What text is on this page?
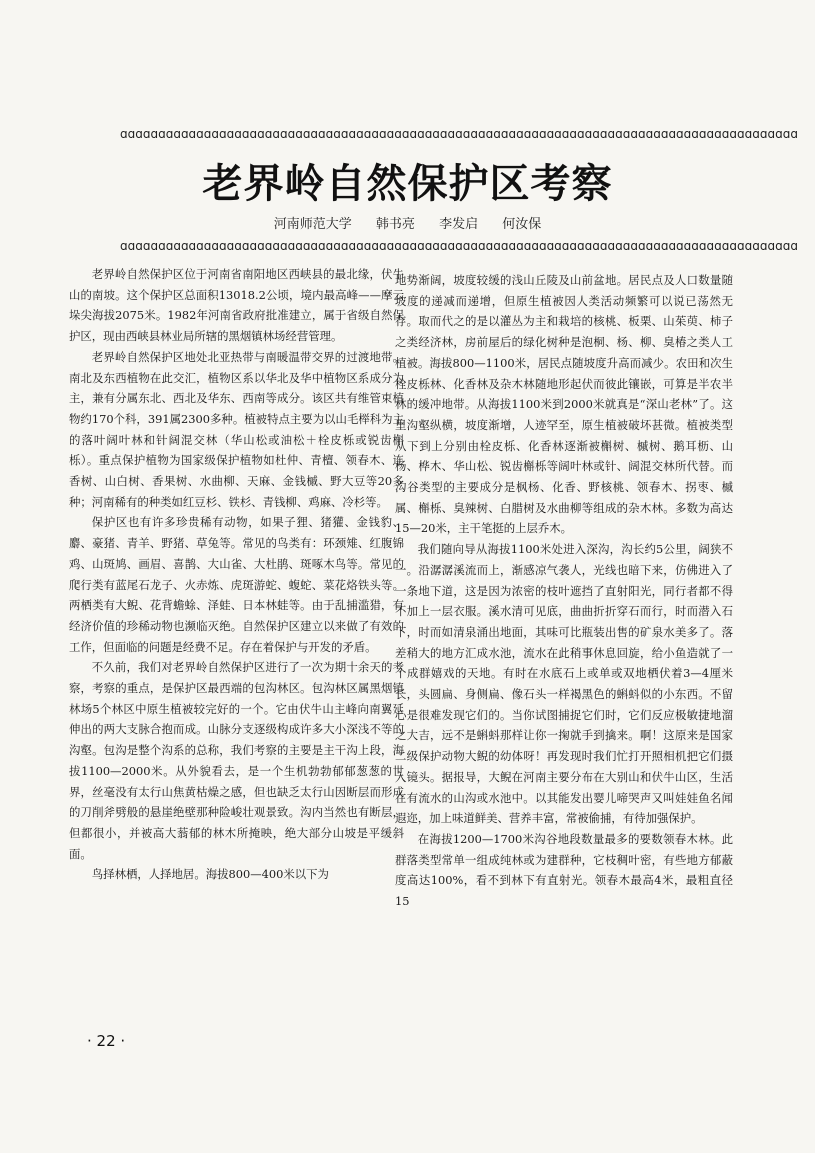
ɑɑɑɑɑɑɑɑɑɑɑɑɑɑɑɑɑɑɑɑɑɑɑɑɑɑɑɑɑɑɑɑɑɑɑɑɑɑɑɑɑɑɑɑɑɑɑɑɑɑɑɑɑɑɑɑɑɑɑɑɑɑɑɑɑɑɑɑɑɑɑɑɑɑɑɑɑɑɑɑɑɑɑɑɑɑɑɑɑ
老界岭自然保护区考察
河南师范大学 韩书亮 李发启 何汝保
ɑɑɑɑɑɑɑɑɑɑɑɑɑɑɑɑɑɑɑɑɑɑɑɑɑɑɑɑɑɑɑɑɑɑɑɑɑɑɑɑɑɑɑɑɑɑɑɑɑɑɑɑɑɑɑɑɑɑɑɑɑɑɑɑɑɑɑɑɑɑɑɑɑɑɑɑɑɑɑɑɑɑɑɑɑɑɑɑɑ

老界岭自然保护区位于河南省南阳地区西峡县的最北缘，伏牛山的南坡。这个保护区总面积13018.2公顷，境内最高峰——摩云垛尖海拔2075米。1982年河南省政府批准建立，属于省级自然保护区，现由西峡县林业局所辖的黑烟镇林场经营管理。

老界岭自然保护区地处北亚热带与南暖温带交界的过渡地带。南北及东西植物在此交汇，植物区系以华北及华中植物区系成分为主，兼有分属东北、西北及华东、西南等成分。该区共有维管束植物约170个科，391属2300多种。植被特点主要为以山毛榉科为主的落叶阔叶林和针阔混交林（华山松或油松＋栓皮栎或锐齿槲栎）。重点保护植物为国家级保护植物如杜仲、青檀、领春木、连香树、山白树、香果树、水曲柳、天麻、金钱槭、野大豆等20多种；河南稀有的种类如红豆杉、铁杉、青钱柳、鸡麻、冷杉等。

保护区也有许多珍贵稀有动物，如果子狸、猪獾、金钱豹、麝、豪猪、青羊、野猪、草兔等。常见的鸟类有：环颈雉、红腹锦鸡、山斑鸠、画眉、喜鹊、大山雀、大杜鹃、斑啄木鸟等。常见的爬行类有蓝尾石龙子、火赤炼、虎斑游蛇、蝮蛇、菜花烙铁头等。两栖类有大鲵、花背蟾蜍、泽蛙、日本林蛙等。由于乱捕滥猎，有经济价值的珍稀动物也濒临灭绝。自然保护区建立以来做了有效的工作，但面临的问题是经费不足。存在着保护与开发的矛盾。

不久前，我们对老界岭自然保护区进行了一次为期十余天的考察，考察的重点，是保护区最西端的包沟林区。包沟林区属黑烟镇林场5个林区中原生植被较完好的一个。它由伏牛山主峰向南翼延伸出的两大支脉合抱而成。山脉分支逐级构成许多大小深浅不等的沟壑。包沟是整个沟系的总称，我们考察的主要是主干沟上段，海拔1100—2000米。从外貌看去，是一个生机勃勃郁郁葱葱的世界，丝毫没有太行山焦黄枯燥之感，但也缺乏太行山因断层而形成的刀削斧劈般的悬崖绝壁那种险峻壮观景致。沟内当然也有断层，但都很小，并被高大蓊郁的林木所掩映，绝大部分山坡是平缓斜面。

鸟择林栖，人择地居。海拔800—400米以下为

地势渐阔，坡度较缓的浅山丘陵及山前盆地。居民点及人口数量随坡度的递减而递增，但原生植被因人类活动频繁可以说已荡然无存。取而代之的是以灌丛为主和栽培的核桃、板栗、山茱萸、柿子之类经济林，房前屋后的绿化树种是泡桐、杨、柳、臭椿之类人工植被。海拔800—1100米，居民点随坡度升高而减少。农田和次生栓皮栎林、化香林及杂木林随地形起伏而彼此镶嵌，可算是半农半林的缓冲地带。从海拔1100米到2000米就真是“深山老林”了。这里沟壑纵横，坡度渐增，人迹罕至，原生植被破坏甚微。植被类型从下到上分别由栓皮栎、化香林逐渐被槲树、槭树、鹅耳枥、山杨、桦木、华山松、锐齿槲栎等阔叶林或针、阔混交林所代替。而沟谷类型的主要成分是枫杨、化香、野核桃、领春木、拐枣、槭属、槲栎、臭辣树、白腊树及水曲柳等组成的杂木林。多数为高达15—20米，主干笔挺的上层乔木。

我们随向导从海拔1100米处进入深沟，沟长约5公里，阔狭不一。沿潺潺溪流而上，渐感凉气袭人，光线也暗下来，仿佛进入了一条地下道，这是因为浓密的枝叶遮挡了直射阳光，同行者都不得不加上一层衣服。溪水清可见底，曲曲折折穿石而行，时而潜入石下，时而如清泉涌出地面，其味可比瓶装出售的矿泉水美多了。落差稍大的地方汇成水池，流水在此稍事休息回旋，给小鱼造就了一个成群嬉戏的天地。有时在水底石上或单或双地栖伏着3—4厘米长，头圆扁、身侧扁、像石头一样褐黑色的蝌蚪似的小东西。不留心是很难发现它们的。当你试图捕捉它们时，它们反应极敏捷地溜之大吉，远不是蝌蚪那样让你一掬就手到擒来。啊！这原来是国家二级保护动物大鲵的幼体呀！再发现时我们忙打开照相机把它们摄入镜头。据报导，大鲵在河南主要分布在大别山和伏牛山区，生活在有流水的山沟或水池中。以其能发出婴儿啼哭声又叫娃娃鱼名闻遐迩，加上味道鲜美、营养丰富，常被偷捕，有待加强保护。

在海拔1200—1700米沟谷地段数量最多的要数领春木林。此群落类型常单一组成纯林或为建群种，它枝稠叶密，有些地方郁蔽度高达100%，看不到林下有直射光。领春木最高4米，最粗直径15

· 22 ·
